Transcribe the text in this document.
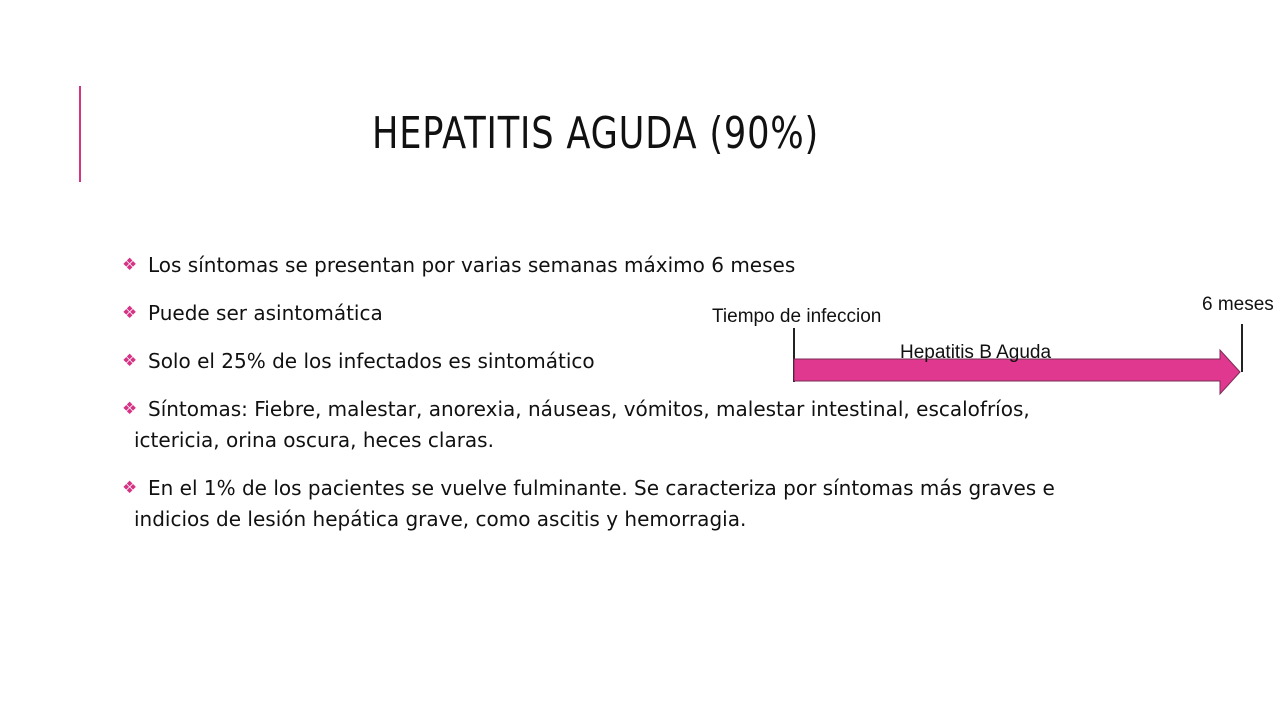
HEPATITIS AGUDA (90%)
❖ Los síntomas se presentan por varias semanas máximo 6 meses
❖ Puede ser asintomática
❖ Solo el 25% de los infectados es sintomático
❖ Síntomas: Fiebre, malestar, anorexia, náuseas, vómitos, malestar intestinal, escalofríos, ictericia, orina oscura, heces claras.
❖ En el 1% de los pacientes se vuelve fulminante. Se caracteriza por síntomas más graves e indicios de lesión hepática grave, como ascitis y hemorragia.
Tiempo de infeccion
6 meses
Hepatitis B Aguda
